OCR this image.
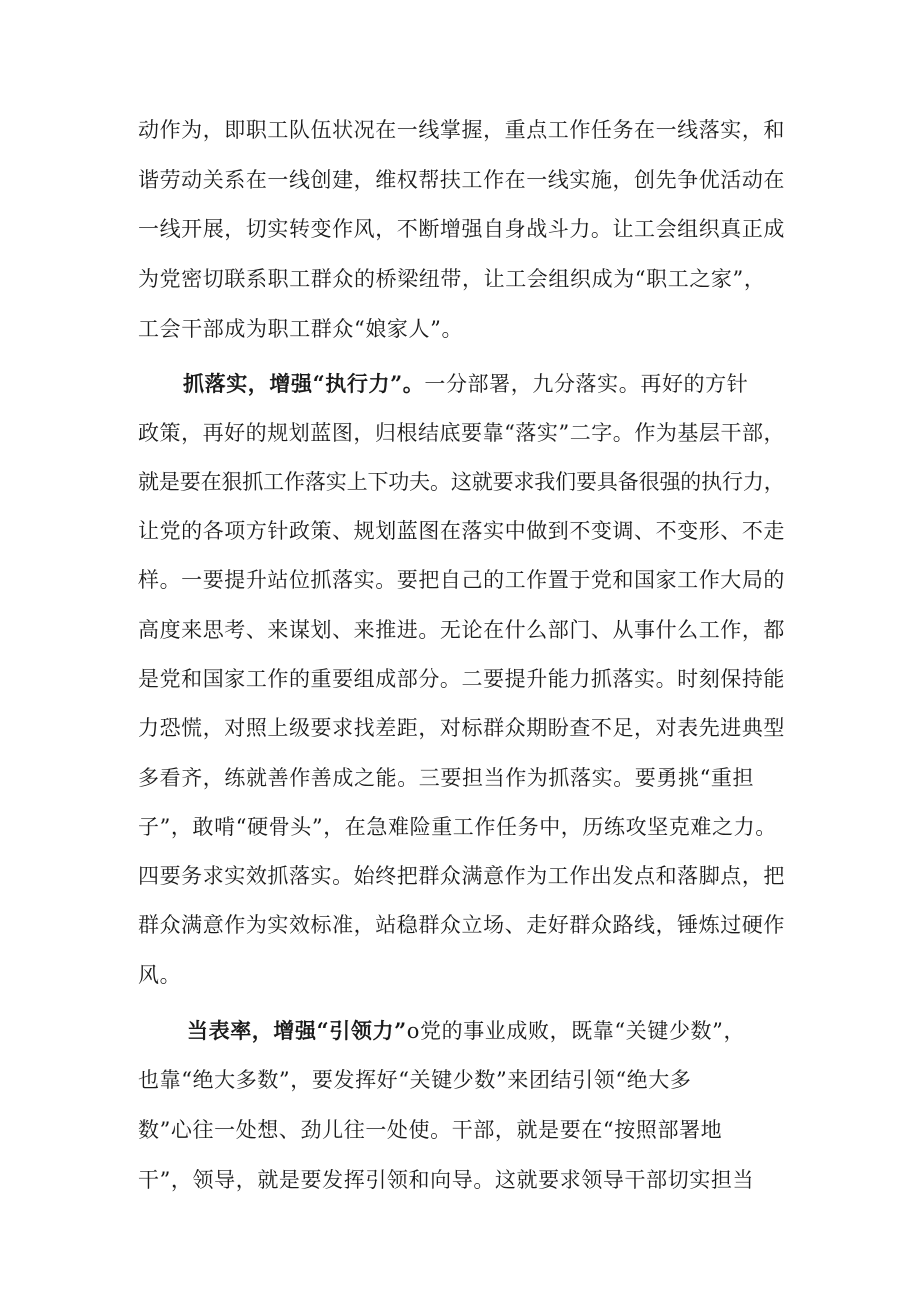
动作为，即职工队伍状况在一线掌握，重点工作任务在一线落实，和
谐劳动关系在一线创建，维权帮扶工作在一线实施，创先争优活动在
一线开展，切实转变作风，不断增强自身战斗力。让工会组织真正成
为党密切联系职工群众的桥梁纽带，让工会组织成为“职工之家”，
工会干部成为职工群众“娘家人”。
抓落实，增强“执行力”。一分部署，九分落实。再好的方针
政策，再好的规划蓝图，归根结底要靠“落实”二字。作为基层干部，
就是要在狠抓工作落实上下功夫。这就要求我们要具备很强的执行力，
让党的各项方针政策、规划蓝图在落实中做到不变调、不变形、不走
样。一要提升站位抓落实。要把自己的工作置于党和国家工作大局的
高度来思考、来谋划、来推进。无论在什么部门、从事什么工作，都
是党和国家工作的重要组成部分。二要提升能力抓落实。时刻保持能
力恐慌，对照上级要求找差距，对标群众期盼查不足，对表先进典型
多看齐，练就善作善成之能。三要担当作为抓落实。要勇挑“重担
子”，敢啃“硬骨头”，在急难险重工作任务中，历练攻坚克难之力。
四要务求实效抓落实。始终把群众满意作为工作出发点和落脚点，把
群众满意作为实效标准，站稳群众立场、走好群众路线，锤炼过硬作
风。
当表率，增强“引领力”o党的事业成败，既靠“关键少数”，
也靠“绝大多数”，要发挥好“关键少数”来团结引领“绝大多
数”心往一处想、劲儿往一处使。干部，就是要在“按照部署地
干”，领导，就是要发挥引领和向导。这就要求领导干部切实担当
